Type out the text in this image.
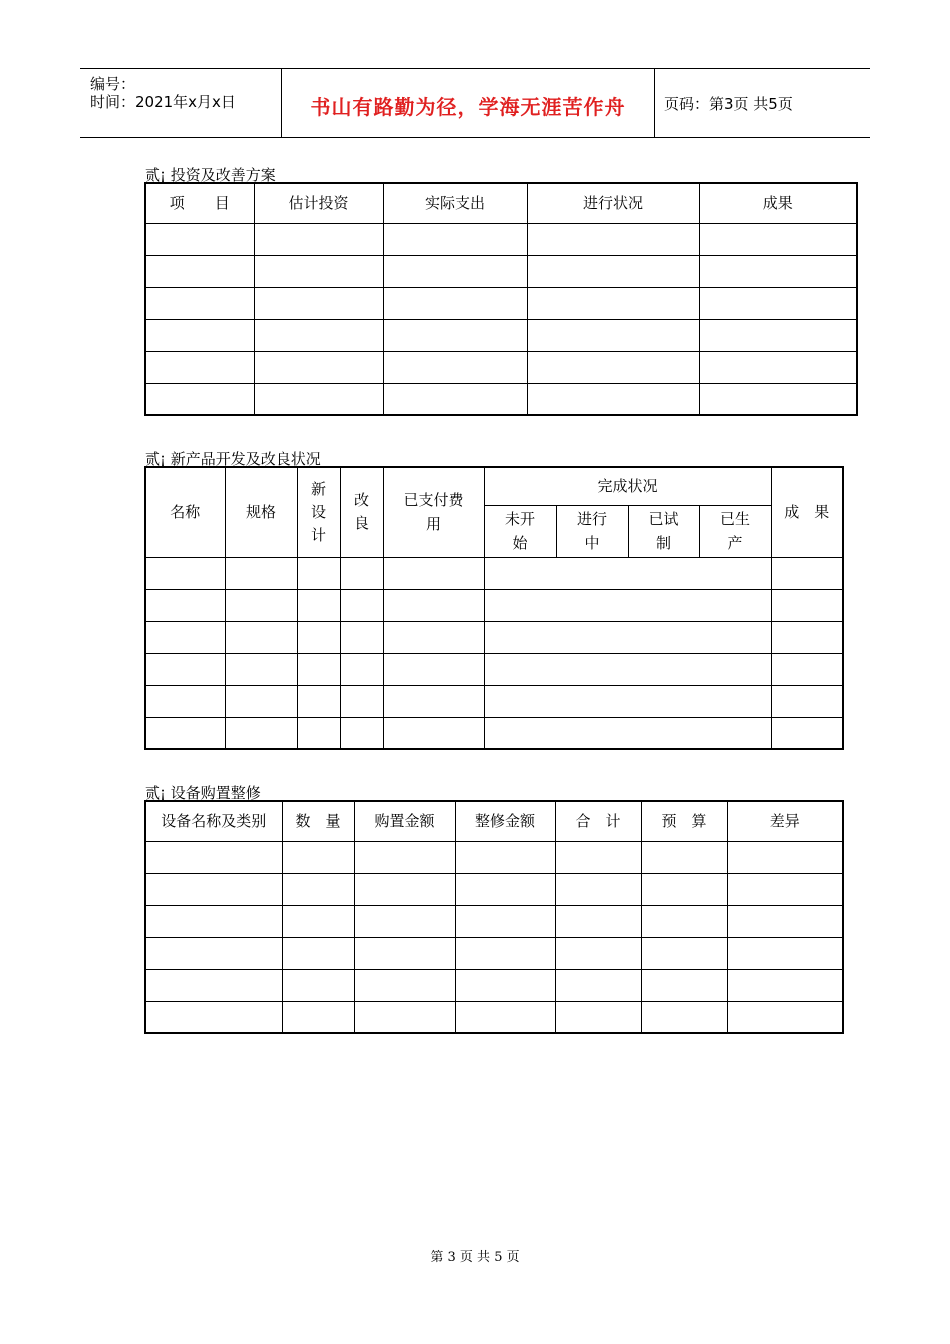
编号：
时间：2021年x月x日	书山有路勤为径，学海无涯苦作舟	页码：第3页 共5页
贰¡ 投资及改善方案
项　　目	估计投资	实际支出	进行状况	成果

贰¡ 新产品开发及改良状况
名称	规格	新设计	改良	已支付费用	完成状况				成　果
					未开始	进行中	已试制	已生产	

贰¡ 设备购置整修
设备名称及类别	数　量	购置金额	整修金额	合　计	预　算	差异

第 3 页 共 5 页
